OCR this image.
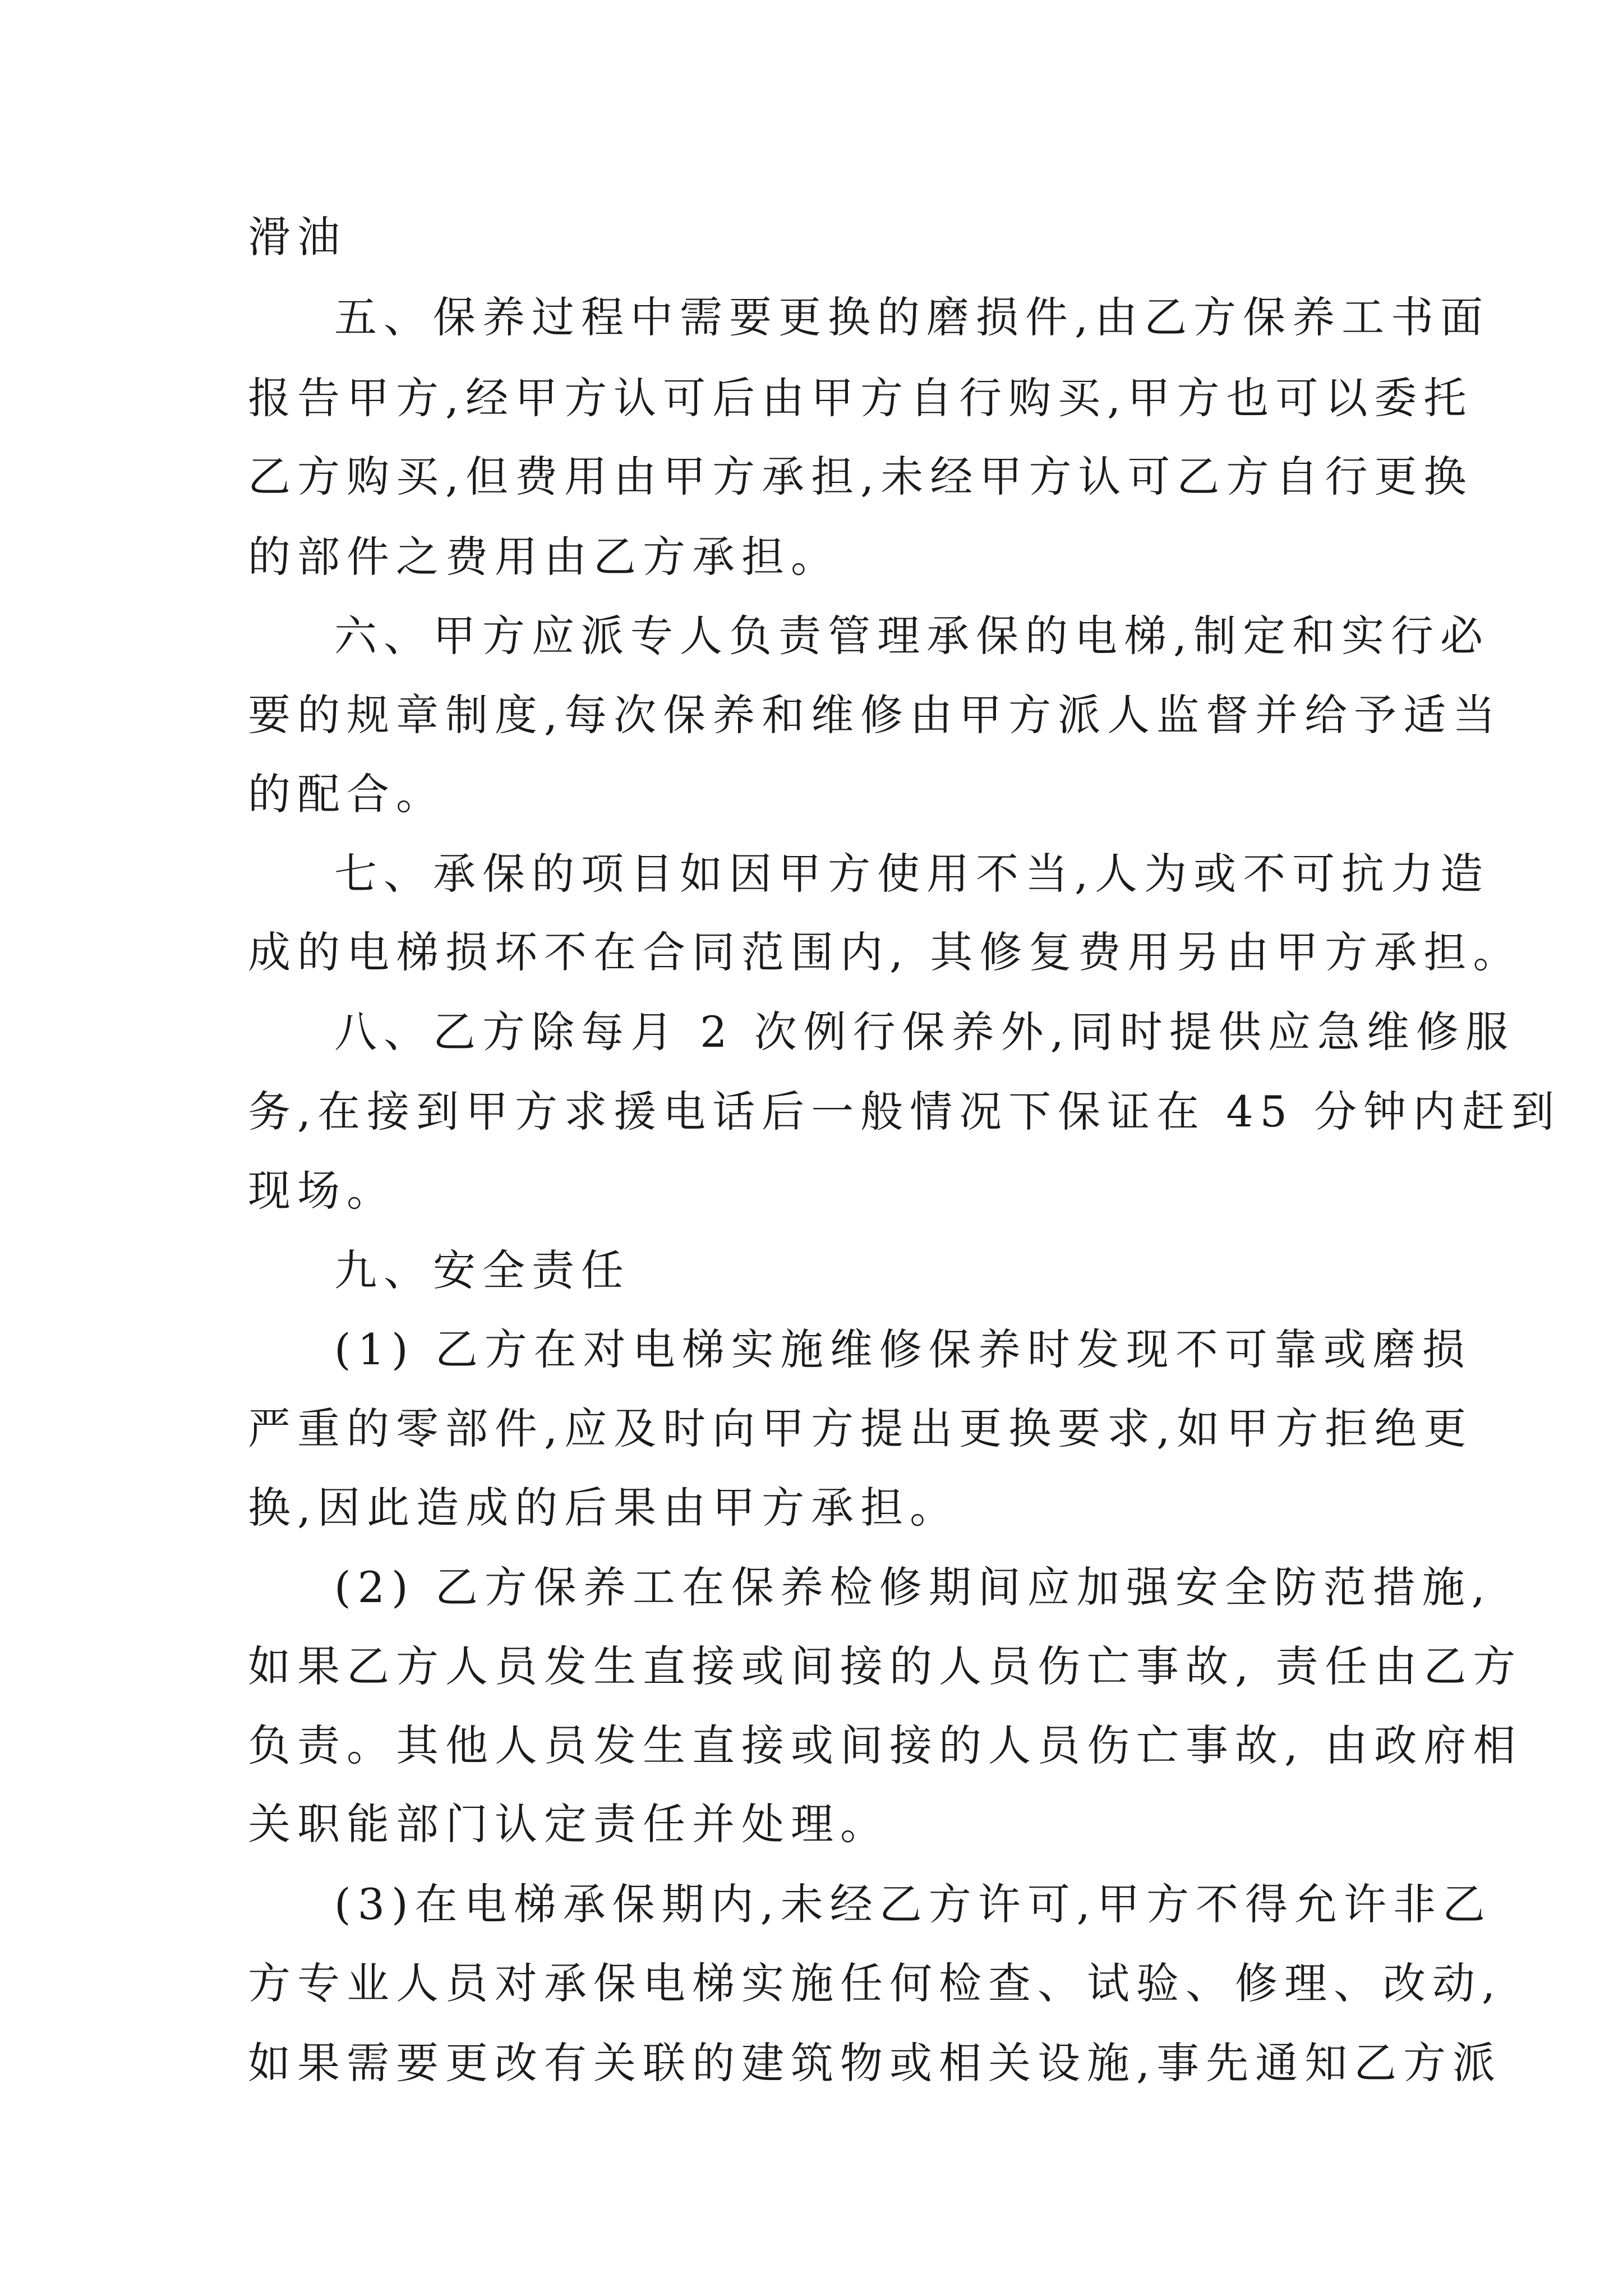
滑油
五、保养过程中需要更换的磨损件,由乙方保养工书面
报告甲方,经甲方认可后由甲方自行购买,甲方也可以委托
乙方购买,但费用由甲方承担,未经甲方认可乙方自行更换
的部件之费用由乙方承担。
六、甲方应派专人负责管理承保的电梯,制定和实行必
要的规章制度,每次保养和维修由甲方派人监督并给予适当
的配合。
七、承保的项目如因甲方使用不当,人为或不可抗力造
成的电梯损坏不在合同范围内, 其修复费用另由甲方承担。
八、乙方除每月 2 次例行保养外,同时提供应急维修服
务,在接到甲方求援电话后一般情况下保证在 45 分钟内赶到
现场。
九、安全责任
(1) 乙方在对电梯实施维修保养时发现不可靠或磨损
严重的零部件,应及时向甲方提出更换要求,如甲方拒绝更
换,因此造成的后果由甲方承担。
(2) 乙方保养工在保养检修期间应加强安全防范措施,
如果乙方人员发生直接或间接的人员伤亡事故, 责任由乙方
负责。其他人员发生直接或间接的人员伤亡事故, 由政府相
关职能部门认定责任并处理。
(3)在电梯承保期内,未经乙方许可,甲方不得允许非乙
方专业人员对承保电梯实施任何检查、试验、修理、改动,
如果需要更改有关联的建筑物或相关设施,事先通知乙方派
